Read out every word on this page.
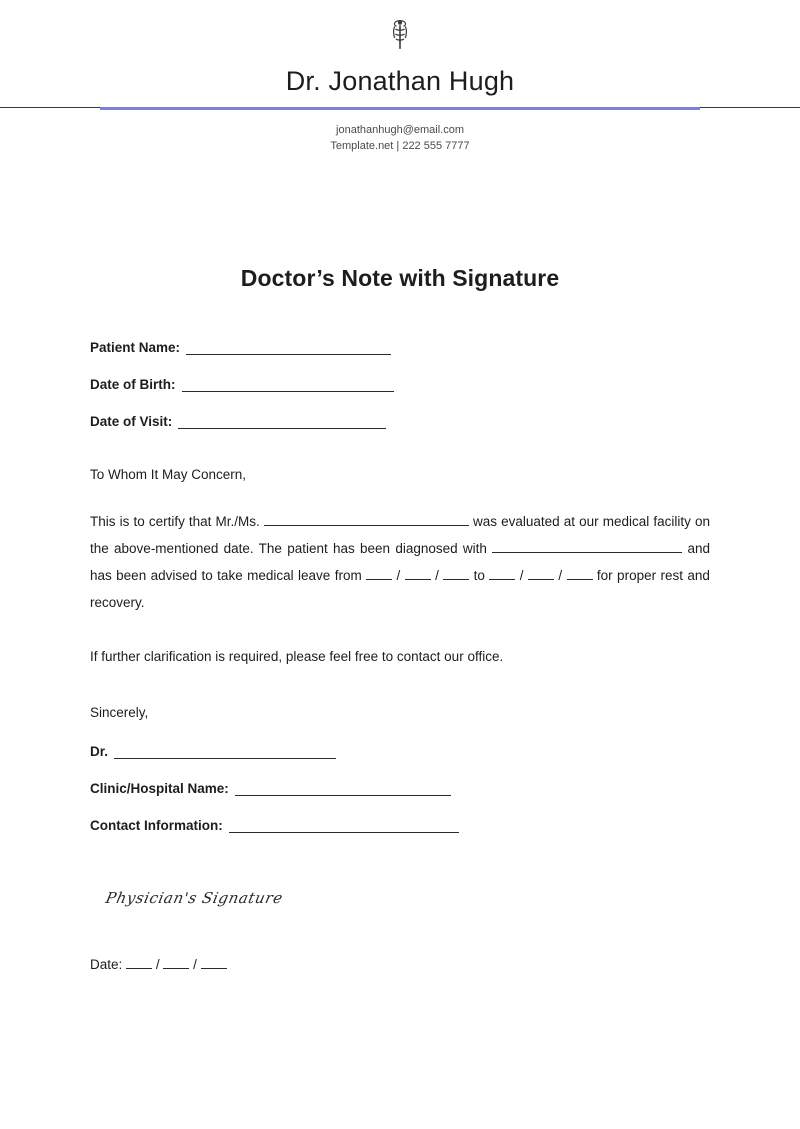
Dr. Jonathan Hugh
jonathanhugh@email.com
Template.net | 222 555 7777
Doctor’s Note with Signature
Patient Name:
Date of Birth:
Date of Visit:
To Whom It May Concern,
This is to certify that Mr./Ms.	was evaluated at our medical facility on the above-mentioned date. The patient has been diagnosed with	and has been advised to take medical leave from	/	/	to	/	/	for proper rest and recovery.
If further clarification is required, please feel free to contact our office.
Sincerely,
Dr.
Clinic/Hospital Name:
Contact Information:
Physician's Signature
Date: / /
